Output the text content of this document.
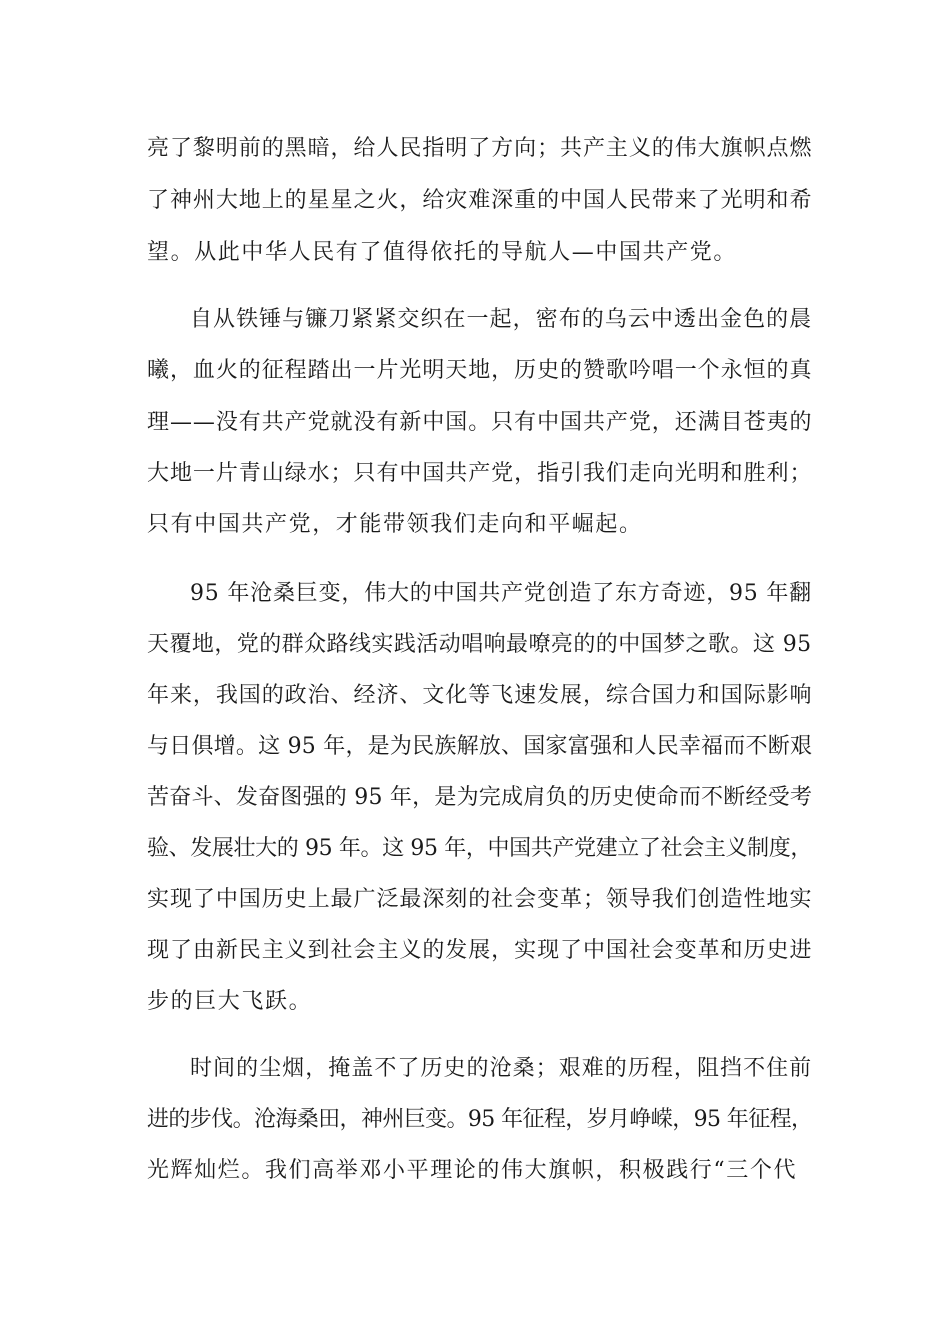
亮了黎明前的黑暗，给人民指明了方向；共产主义的伟大旗帜点燃
了神州大地上的星星之火，给灾难深重的中国人民带来了光明和希
望。从此中华人民有了值得依托的导航人—中国共产党。
自从铁锤与镰刀紧紧交织在一起，密布的乌云中透出金色的晨
曦，血火的征程踏出一片光明天地，历史的赞歌吟唱一个永恒的真
理——没有共产党就没有新中国。只有中国共产党，还满目苍夷的
大地一片青山绿水；只有中国共产党，指引我们走向光明和胜利；
只有中国共产党，才能带领我们走向和平崛起。
95 年沧桑巨变，伟大的中国共产党创造了东方奇迹，95 年翻
天覆地，党的群众路线实践活动唱响最嘹亮的的中国梦之歌。这 95
年来，我国的政治、经济、文化等飞速发展，综合国力和国际影响
与日俱增。这 95 年，是为民族解放、国家富强和人民幸福而不断艰
苦奋斗、发奋图强的 95 年，是为完成肩负的历史使命而不断经受考
验、发展壮大的 95 年。这 95 年，中国共产党建立了社会主义制度，
实现了中国历史上最广泛最深刻的社会变革；领导我们创造性地实
现了由新民主义到社会主义的发展，实现了中国社会变革和历史进
步的巨大飞跃。
时间的尘烟，掩盖不了历史的沧桑；艰难的历程，阻挡不住前
进的步伐。沧海桑田，神州巨变。95 年征程，岁月峥嵘，95 年征程，
光辉灿烂。我们高举邓小平理论的伟大旗帜，积极践行“三个代
